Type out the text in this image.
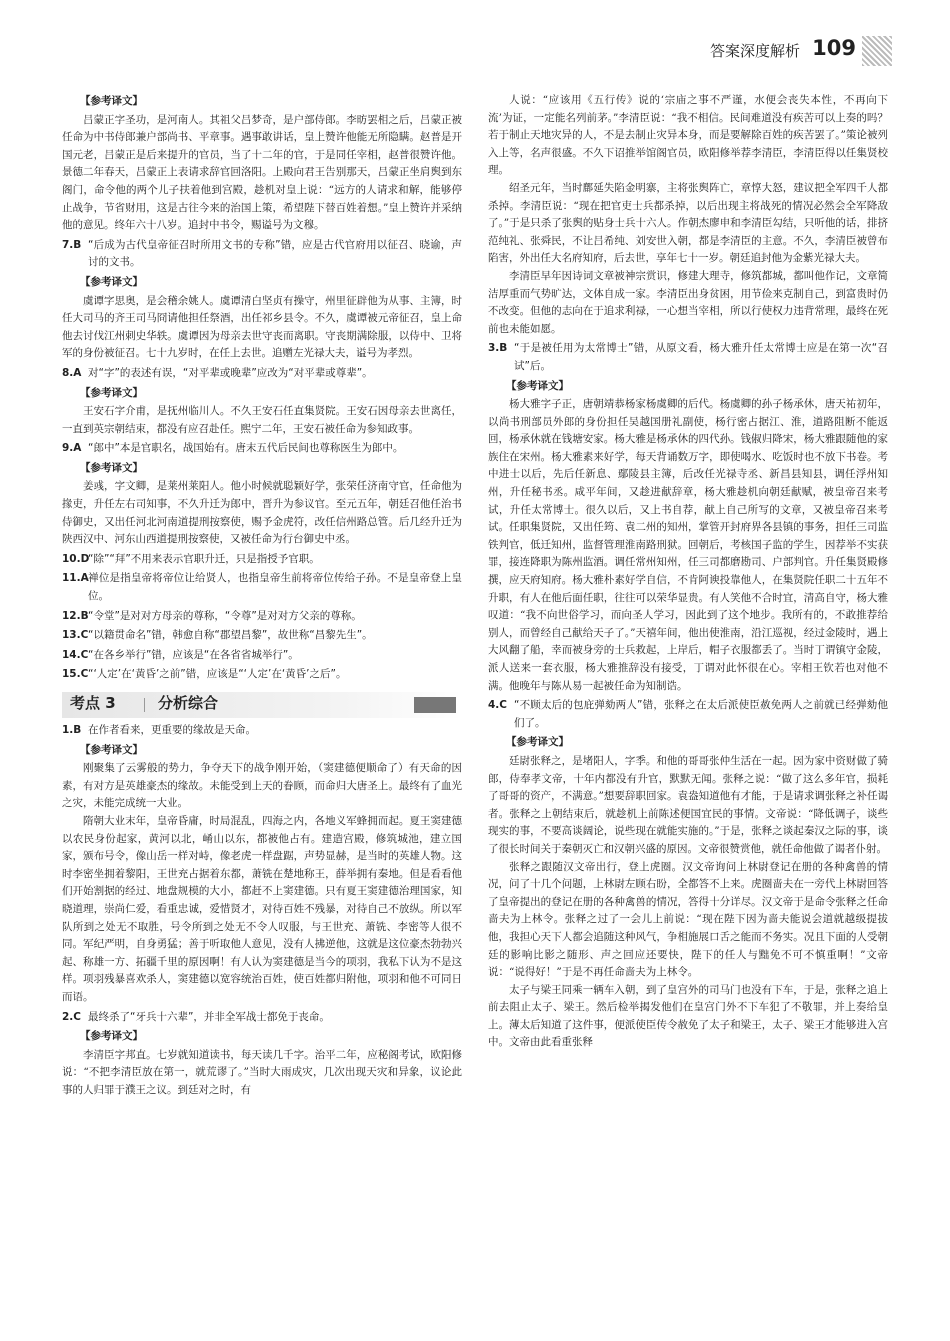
答案深度解析 109
【参考译文】

吕蒙正字圣功，是河南人。其祖父吕梦奇，是户部侍郎。李昉罢相之后，吕蒙正被任命为中书侍郎兼户部尚书、平章事。遇事敢讲话，皇上赞许他能无所隐瞒。赵普是开国元老，吕蒙正是后来提升的官员，当了十二年的官，于是同任宰相，赵普很赞许他。景德二年春天，吕蒙正上表请求辞官回洛阳。上殿向君王告别那天，吕蒙正坐肩舆到东阁门，命令他的两个儿子扶着他到宫殿，趁机对皇上说：“远方的人请求和解，能够停止战争，节省财用，这是古往今来的治国上策，希望陛下替百姓着想。”皇上赞许并采纳他的意见。终年六十八岁。追封中书令，赐谥号为文穆。

7.B “后成为古代皇帝征召时所用文书的专称”错，应是古代官府用以征召、晓谕，声讨的文书。
【参考译文】

虞谭字思奥，是会稽余姚人。虞谭清白坚贞有操守，州里征辟他为从事、主簿，时任大司马的齐王司马冏请他担任祭酒，出任祁乡县令。不久，虞谭被元帝征召，皇上命他去讨伐江州刺史华轶。虞谭因为母亲去世守丧而离职。守丧期满除服，以侍中、卫将军的身份被征召。七十九岁时，在任上去世。追赠左光禄大夫，谥号为孝烈。

8.A 对“字”的表述有误，“对平辈或晚辈”应改为“对平辈或尊辈”。
【参考译文】

王安石字介甫，是抚州临川人。不久王安石任直集贤院。王安石因母亲去世离任，一直到英宗朝结束，都没有应召赴任。熙宁二年，王安石被任命为参知政事。

9.A “郎中”本是官职名，战国始有。唐末五代后民间也尊称医生为郎中。
【参考译文】

姜彧，字文卿，是莱州莱阳人。他小时候就聪颖好学，张荣任济南守官，任命他为掾吏，升任左右司知事，不久升迁为郎中，晋升为参议官。至元五年，朝廷召他任治书侍御史，又出任河北河南道提刑按察使，赐予金虎符，改任信州路总管。后几经升迁为陕西汉中、河东山西道提刑按察使，又被任命为行台御史中丞。

10.D“除”“拜”不用来表示官职升迁，只是指授予官职。
11.A禅位是指皇帝将帝位让给贤人，也指皇帝生前将帝位传给子孙。不是皇帝登上皇位。
12.B“令堂”是对对方母亲的尊称，“令尊”是对对方父亲的尊称。
13.C“以籍贯命名”错，韩愈自称“郡望昌黎”，故世称“昌黎先生”。
14.C“在各乡举行”错，应该是“在各省省城举行”。
15.C“‘人定’在‘黄昏’之前”错，应该是“‘人定’在‘黄昏’之后”。
考点 3	分析综合
1.B 在作者看来，更重要的缘故是天命。
【参考译文】

刚聚集了云雾般的势力，争夺天下的战争刚开始，（窦建德便顺命了）有天命的因素，有对方是英雄豪杰的缘故。未能受到上天的眷顾，而命归大唐圣上。最终有了血光之灾，未能完成统一大业。

隋朝大业末年，皇帝昏庸，时局混乱，四海之内，各地义军蜂拥而起。夏王窦建德以农民身份起家，黄河以北，崤山以东，都被他占有。建造宫殿，修筑城池，建立国家，颁布号令，像山岳一样对峙，像老虎一样盘踞，声势显赫，是当时的英雄人物。这时李密坐拥着黎阳，王世充占据着东都，萧铣在楚地称王，薛举拥有秦地。但是看看他们开始割据的经过、地盘规模的大小，都赶不上窦建德。只有夏王窦建德治理国家，知晓道理，崇尚仁爱，看重忠诚，爱惜贤才，对待百姓不残暴，对待自己不放纵。所以军队所到之处无不取胜，号令所到之处无不令人叹服，与王世充、萧铣、李密等人很不同。军纪严明，自身勇猛；善于听取他人意见，没有人拂逆他，这就是这位豪杰勃勃兴起、称雄一方、拓疆千里的原因啊！有人认为窦建德是当今的项羽，我私下认为不是这样。项羽残暴喜欢杀人，窦建德以宽容统治百姓，使百姓都归附他，项羽和他不可同日而语。

2.C 最终杀了“牙兵十六辈”，并非全军战士都免于丧命。
【参考译文】

李清臣字邦直。七岁就知道读书，每天读几千字。治平二年，应秘阁考试，欧阳修说：“不把李清臣放在第一，就荒谬了。”当时大雨成灾，几次出现天灾和异象，议论此事的人归罪于濮王之议。到廷对之时，有

人说：“应该用《五行传》说的‘宗庙之事不严谨，水便会丧失本性，不再向下流’为证，一定能名列前茅。”李清臣说：“我不相信。民间难道没有疾苦可以上奏的吗？若于制止天地灾异的人，不是去制止灾异本身，而是要解除百姓的疾苦罢了。”策论被列入上等，名声很盛。不久下诏推举馆阁官员，欧阳修举荐李清臣，李清臣得以任集贤校理。

绍圣元年，当时鄜延失陷金明寨，主将张舆阵亡，章惇大怒，建议把全军四千人都杀掉。李清臣说：“现在把官吏士兵都杀掉，以后出现主将战死的情况必然会全军降敌了。”于是只杀了张舆的贴身士兵十六人。作朝杰廖申和李清臣勾结，只听他的话，排挤范纯礼、张舜民，不让吕希纯、刘安世入朝，都是李清臣的主意。不久，李清臣被曾布陷害，外出任大名府知府，后去世，享年七十一岁。朝廷追封他为金紫光禄大夫。

李清臣早年因诗词文章被神宗赏识，修建大理寺，修筑都城，都叫他作记，文章简洁厚重而气势旷达，文体自成一家。李清臣出身贫困，用节俭来克制自己，到富贵时仍不改变。但他的志向在于追求利禄，一心想当宰相，所以行使权力违背常理，最终在死前也未能如愿。

3.B “于是被任用为太常博士”错，从原文看，杨大雅升任太常博士应是在第一次“召试”后。
【参考译文】

杨大雅字子正，唐朝靖恭杨家杨虞卿的后代。杨虞卿的孙子杨承休，唐天祐初年，以尚书刑部员外郎的身份担任吴越国册礼副使，杨行密占据江、淮，道路阻断不能返回，杨承休就在钱塘安家。杨大雅是杨承休的四代孙。钱俶归降宋，杨大雅跟随他的家族住在宋州。杨大雅素来好学，每天背诵数万字，即使喝水、吃饭时也不放下书卷。考中进士以后，先后任新息、鄢陵县主簿，后改任光禄寺丞、新昌县知县，调任浮州知州，升任秘书丞。咸平年间，又趁进献辞章，杨大雅趁机向朝廷献赋，被皇帝召来考试，升任太常博士。很久以后，又上书自荐，献上自己所写的文章，又被皇帝召来考试。任职集贤院，又出任筠、袁二州的知州，掌管开封府界各县镇的事务，担任三司监铁判官，低迁知州，监督管理淮南路刑狱。回朝后，考核国子监的学生，因荐举不实获罪，接连降职为陈州监酒。调任常州知州，任三司都磨勘司、户部判官。升任集贤殿修撰，应天府知府。杨大雅朴素好学自信，不肯阿谀投靠他人，在集贤院任职二十五年不升职，有人在他后面任职，往往可以荣华显贵。有人笑他不合时宜，清高自守，杨大雅叹道：“我不向世俗学习，而向圣人学习，因此到了这个地步。我所有的，不敢推荐给别人，而曾经自己献给天子了。”天禧年间，他出使淮南，沿江巡视，经过金陵时，遇上大风翻了船，幸而被身旁的士兵救起，上岸后，帽子衣服都丢了。当时丁谓镇守金陵，派人送来一套衣服，杨大雅推辞没有接受，丁谓对此怀很在心。宰相王钦若也对他不满。他晚年与陈从易一起被任命为知制诰。

4.C “不顾太后的包庇弹劾两人”错，张释之在太后派使臣赦免两人之前就已经弹劾他们了。
【参考译文】

廷尉张释之，是堵阳人，字季。和他的哥哥张仲生活在一起。因为家中资财做了骑郎，侍奉孝文帝，十年内都没有升官，默默无闻。张释之说：“做了这么多年官，损耗了哥哥的资产，不满意。”想要辞职回家。袁盎知道他有才能，于是请求调张释之补任谒者。张释之上朝结束后，就趁机上前陈述便国宜民的事情。文帝说：“降低调子，谈些现实的事，不要高谈阔论，说些现在就能实施的。”于是，张释之谈起秦汉之际的事，谈了很长时间关于秦朝灭亡和汉朝兴盛的原因。文帝很赞赏他，就任命他做了谒者仆射。

张释之跟随汉文帝出行，登上虎圈。汉文帝询问上林尉登记在册的各种禽兽的情况，问了十几个问题，上林尉左顾右盼，全都答不上来。虎圈啬夫在一旁代上林尉回答了皇帝提出的登记在册的各种禽兽的情况，答得十分详尽。汉文帝于是命令张释之任命啬夫为上林令。张释之过了一会儿上前说：“现在陛下因为啬夫能说会道就越级提拔他，我担心天下人都会追随这种风气，争相施展口舌之能而不务实。况且下面的人受朝廷的影响比影之随形、声之回应还要快，陛下的任人与黜免不可不慎重啊！”文帝说：“说得好！”于是不再任命啬夫为上林令。

太子与梁王同乘一辆车入朝，到了皇宫外的司马门也没有下车，于是，张释之追上前去阻止太子、梁王。然后检举揭发他们在皇宫门外不下车犯了不敬罪，并上奏给皇上。薄太后知道了这件事，便派使臣传令赦免了太子和梁王，太子、梁王才能够进入宫中。文帝由此看重张释
